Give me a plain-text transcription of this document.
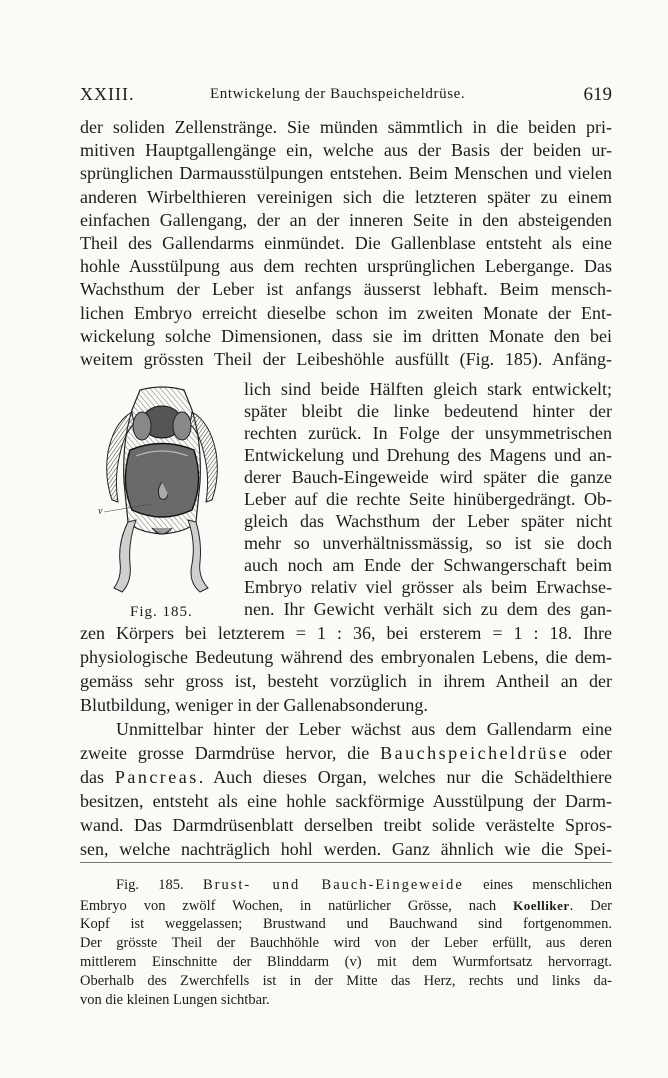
XXIII.	Entwickelung der Bauchspeicheldrüse.	619
der soliden Zellenstränge. Sie münden sämmtlich in die beiden pri-
mitiven Hauptgallengänge ein, welche aus der Basis der beiden ur-
sprünglichen Darmausstülpungen entstehen. Beim Menschen und vielen
anderen Wirbelthieren vereinigen sich die letzteren später zu einem
einfachen Gallengang, der an der inneren Seite in den absteigenden
Theil des Gallendarms einmündet. Die Gallenblase entsteht als eine
hohle Ausstülpung aus dem rechten ursprünglichen Lebergange. Das
Wachsthum der Leber ist anfangs äusserst lebhaft. Beim mensch-
lichen Embryo erreicht dieselbe schon im zweiten Monate der Ent-
wickelung solche Dimensionen, dass sie im dritten Monate den bei
weitem grössten Theil der Leibeshöhle ausfüllt (Fig. 185). Anfäng-
lich sind beide Hälften gleich stark entwickelt;
später bleibt die linke bedeutend hinter der
rechten zurück. In Folge der unsymmetrischen
Entwickelung und Drehung des Magens und an-
derer Bauch-Eingeweide wird später die ganze
Leber auf die rechte Seite hinübergedrängt. Ob-
gleich das Wachsthum der Leber später nicht
mehr so unverhältnissmässig, so ist sie doch
auch noch am Ende der Schwangerschaft beim
Embryo relativ viel grösser als beim Erwachse-
nen. Ihr Gewicht verhält sich zu dem des gan-
v
Fig. 185.
zen Körpers bei letzterem = 1 : 36, bei ersterem = 1 : 18. Ihre
physiologische Bedeutung während des embryonalen Lebens, die dem-
gemäss sehr gross ist, besteht vorzüglich in ihrem Antheil an der
Blutbildung, weniger in der Gallenabsonderung.
Unmittelbar hinter der Leber wächst aus dem Gallendarm eine
zweite grosse Darmdrüse hervor, die Bauchspeicheldrüse oder
das Pancreas. Auch dieses Organ, welches nur die Schädelthiere
besitzen, entsteht als eine hohle sackförmige Ausstülpung der Darm-
wand. Das Darmdrüsenblatt derselben treibt solide verästelte Spros-
Fig. 185. Brust- und Bauch-Eingeweide eines menschlichen
Embryo von zwölf Wochen, in natürlicher Grösse, nach Koelliker. Der
Kopf ist weggelassen; Brustwand und Bauchwand sind fortgenommen.
Der grösste Theil der Bauchhöhle wird von der Leber erfüllt, aus deren
mittlerem Einschnitte der Blinddarm (v) mit dem Wurmfortsatz hervorragt.
Oberhalb des Zwerchfells ist in der Mitte das Herz, rechts und links da-
von die kleinen Lungen sichtbar.
sen, welche nachträglich hohl werden. Ganz ähnlich wie die Spei-
